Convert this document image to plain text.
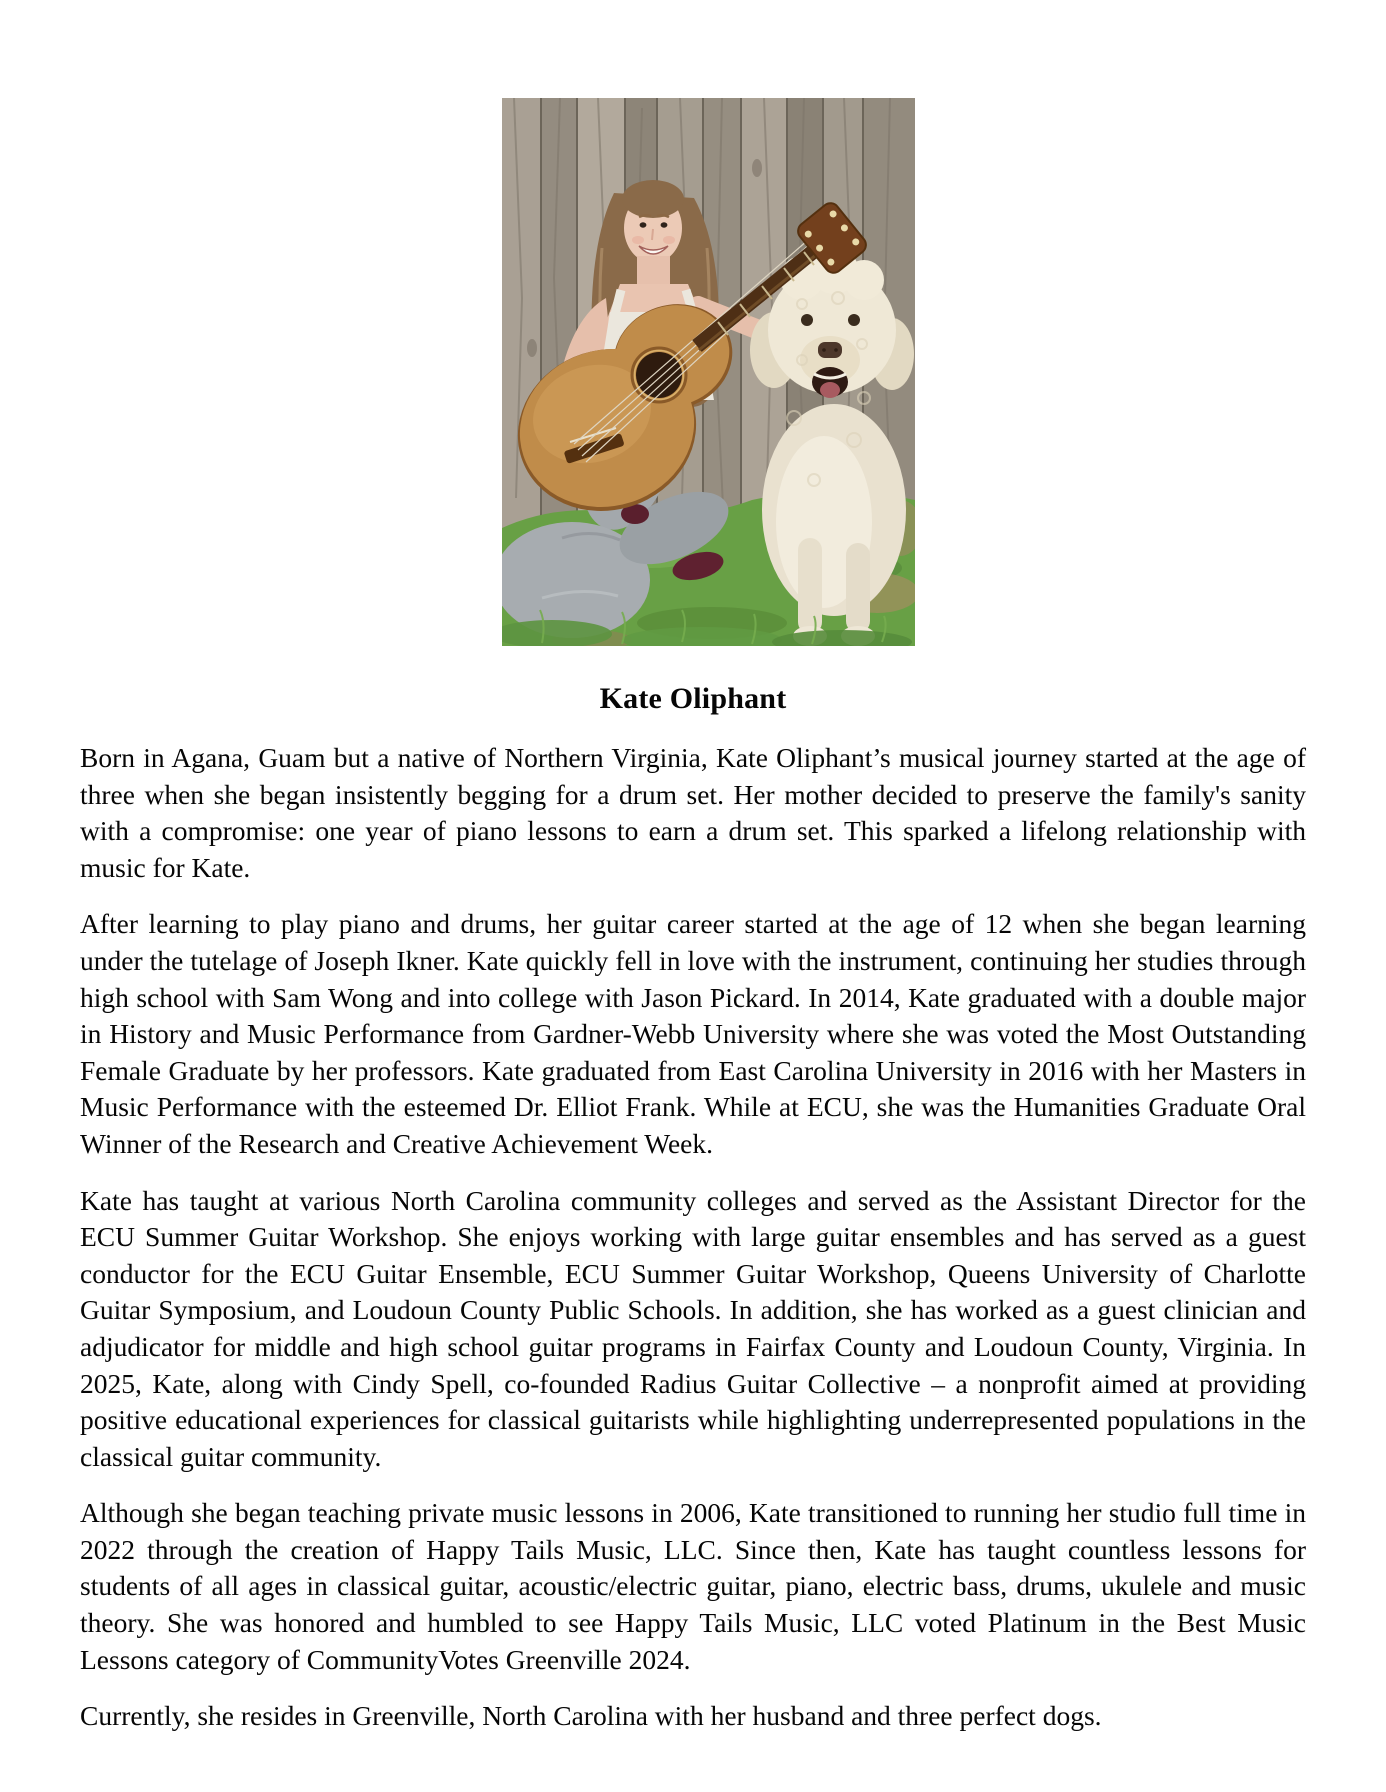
Kate Oliphant

Born in Agana, Guam but a native of Northern Virginia, Kate Oliphant’s musical journey started at the age of three when she began insistently begging for a drum set. Her mother decided to preserve the family's sanity with a compromise: one year of piano lessons to earn a drum set. This sparked a lifelong relationship with music for Kate.

After learning to play piano and drums, her guitar career started at the age of 12 when she began learning under the tutelage of Joseph Ikner. Kate quickly fell in love with the instrument, continuing her studies through high school with Sam Wong and into college with Jason Pickard. In 2014, Kate graduated with a double major in History and Music Performance from Gardner-Webb University where she was voted the Most Outstanding Female Graduate by her professors. Kate graduated from East Carolina University in 2016 with her Masters in Music Performance with the esteemed Dr. Elliot Frank. While at ECU, she was the Humanities Graduate Oral Winner of the Research and Creative Achievement Week.

Kate has taught at various North Carolina community colleges and served as the Assistant Director for the ECU Summer Guitar Workshop. She enjoys working with large guitar ensembles and has served as a guest conductor for the ECU Guitar Ensemble, ECU Summer Guitar Workshop, Queens University of Charlotte Guitar Symposium, and Loudoun County Public Schools. In addition, she has worked as a guest clinician and adjudicator for middle and high school guitar programs in Fairfax County and Loudoun County, Virginia. In 2025, Kate, along with Cindy Spell, co-founded Radius Guitar Collective – a nonprofit aimed at providing positive educational experiences for classical guitarists while highlighting underrepresented populations in the classical guitar community.

Although she began teaching private music lessons in 2006, Kate transitioned to running her studio full time in 2022 through the creation of Happy Tails Music, LLC. Since then, Kate has taught countless lessons for students of all ages in classical guitar, acoustic/electric guitar, piano, electric bass, drums, ukulele and music theory. She was honored and humbled to see Happy Tails Music, LLC voted Platinum in the Best Music Lessons category of CommunityVotes Greenville 2024.

Currently, she resides in Greenville, North Carolina with her husband and three perfect dogs.
